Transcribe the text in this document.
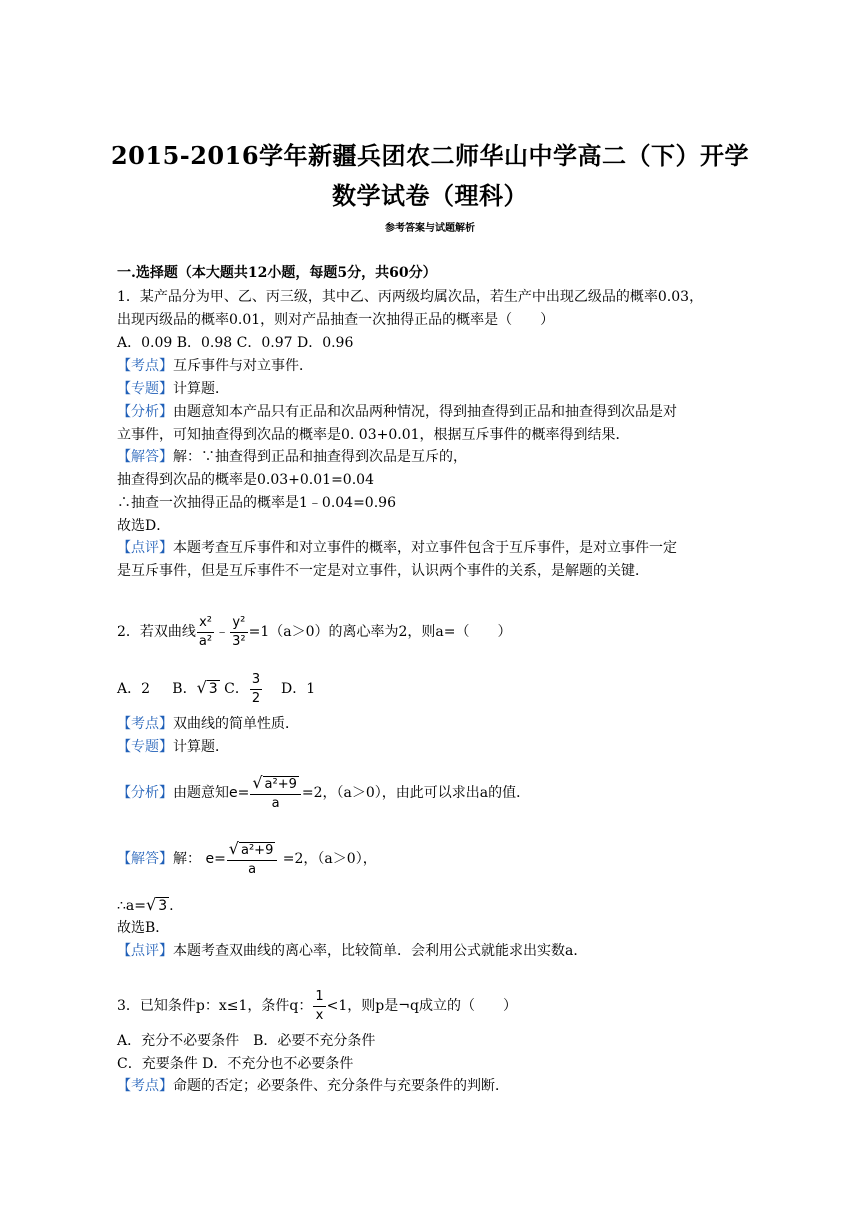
2015-2016学年新疆兵团农二师华山中学高二（下）开学
数学试卷（理科）
参考答案与试题解析
一.选择题（本大题共12小题，每题5分，共60分）
1．某产品分为甲、乙、丙三级，其中乙、丙两级均属次品，若生产中出现乙级品的概率0.03，
出现丙级品的概率0.01，则对产品抽查一次抽得正品的概率是（　　）
A．0.09 B．0.98 C．0.97 D．0.96
【考点】互斥事件与对立事件．
【专题】计算题．
【分析】由题意知本产品只有正品和次品两种情况，得到抽查得到正品和抽查得到次品是对
立事件，可知抽查得到次品的概率是0. 03+0.01，根据互斥事件的概率得到结果．
【解答】解：∵抽查得到正品和抽查得到次品是互斥的，
抽查得到次品的概率是0.03+0.01=0.04
∴抽查一次抽得正品的概率是1﹣0.04=0.96
故选D．
【点评】本题考查互斥事件和对立事件的概率，对立事件包含于互斥事件，是对立事件一定
是互斥事件，但是互斥事件不一定是对立事件，认识两个事件的关系，是解题的关键．
2．若双曲线 $\frac{\text{x²}}{\text{a²}}$ ﹣ $\frac{\text{y²}}{\text{3²}} =1(a>0)$的离心率为2，则a=（　　）
A．2 B．√ 3 C． $\frac{3}{2}$ D．1
【考点】双曲线的简单性质．
【专题】计算题．
【分析】由题意知$e= \frac{\text{√ a²+9}}{a} =2$，（a＞0），由此可以求出a的值．
【解答】解： $e= \frac{\text{√ a²+9}}{a} =2$，（a＞0），
∴a=√ 3 .
故选B．
【点评】本题考查双曲线的离心率，比较简单．会利用公式就能求出实数a．
3．已知条件p：x≤1，条件q： $\frac{1}{x} <1$，则p是¬q成立的（　　）
A．充分不必要条件　B．必要不充分条件
C．充要条件 D．不充分也不必要条件
【考点】命题的否定；必要条件、充分条件与充要条件的判断．
